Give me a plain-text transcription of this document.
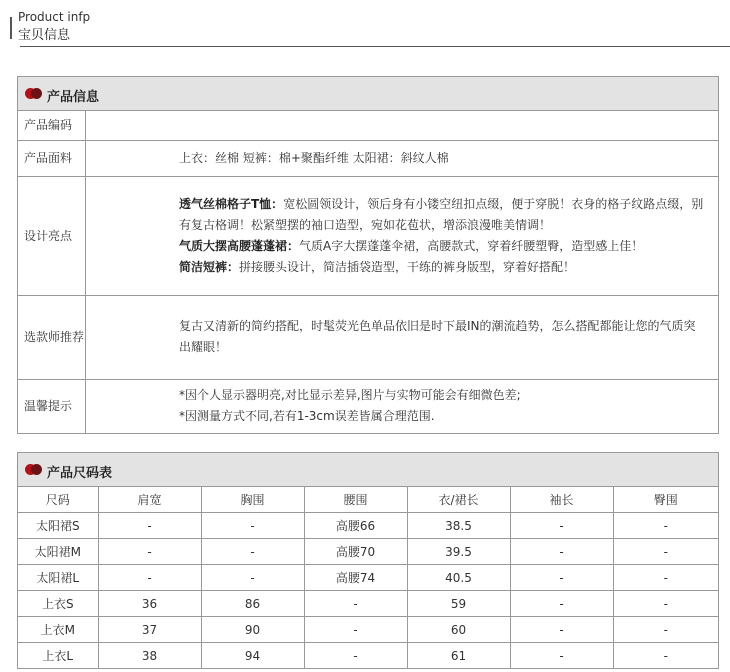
Product infp
宝贝信息
产品信息
产品编码	
产品面料	上衣：丝棉 短裤：棉+聚酯纤维 太阳裙：斜纹人棉
设计亮点	透气丝棉格子T恤：宽松圆领设计，领后身有小镂空纽扣点缀，便于穿脱！衣身的格子纹路点缀，别有复古格调！松紧塑摆的袖口造型，宛如花苞状，增添浪漫唯美情调！
气质大摆高腰蓬蓬裙：气质A字大摆蓬蓬伞裙，高腰款式，穿着纤腰塑臀，造型感上佳！
简洁短裤：拼接腰头设计，简洁插袋造型，干练的裤身版型，穿着好搭配！

选款师推荐	复古又清新的简约搭配，时髦荧光色单品依旧是时下最IN的潮流趋势，怎么搭配都能让您的气质突出耀眼！
温馨提示	*因个人显示器明亮,对比显示差异,图片与实物可能会有细微色差;
*因测量方式不同,若有1-3cm误差皆属合理范围.
产品尺码表
尺码	肩宽	胸围	腰围	衣/裙长	袖长	臀围
太阳裙S	-	-	高腰66	38.5	-	-
太阳裙M	-	-	高腰70	39.5	-	-
太阳裙L	-	-	高腰74	40.5	-	-
上衣S	36	86	-	59	-	-
上衣M	37	90	-	60	-	-
上衣L	38	94	-	61	-	-
